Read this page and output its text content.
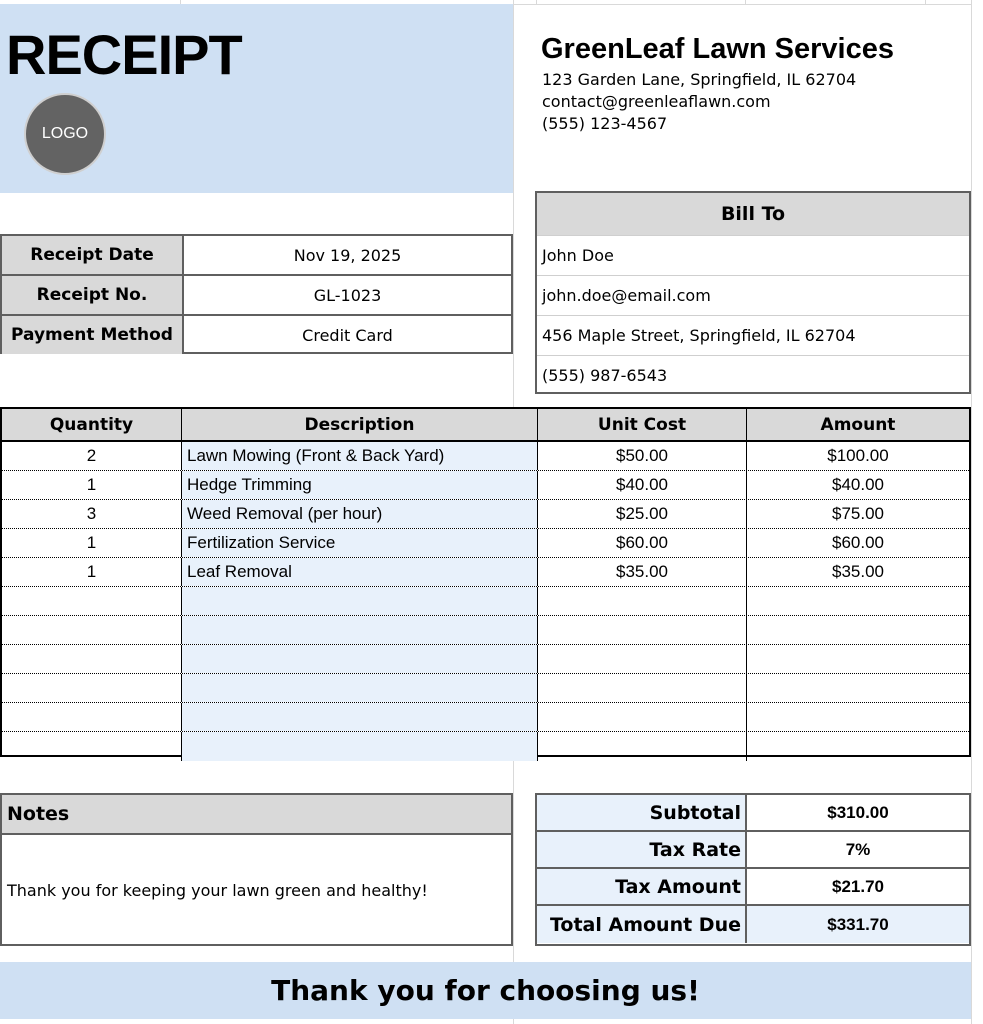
RECEIPT
LOGO
GreenLeaf Lawn Services
123 Garden Lane, Springfield, IL 62704
contact@greenleaflawn.com
(555) 123-4567
Receipt Date	Nov 19, 2025
Receipt No.	GL-1023
Payment Method	Credit Card
Bill To
John Doe
john.doe@email.com
456 Maple Street, Springfield, IL 62704
(555) 987-6543
Quantity	Description	Unit Cost	Amount
2	Lawn Mowing (Front & Back Yard)	$50.00	$100.00
1	Hedge Trimming	$40.00	$40.00
3	Weed Removal (per hour)	$25.00	$75.00
1	Fertilization Service	$60.00	$60.00
1	Leaf Removal	$35.00	$35.00
Notes
Thank you for keeping your lawn green and healthy!
Subtotal	$310.00
Tax Rate	7%
Tax Amount	$21.70
Total Amount Due	$331.70
Thank you for choosing us!
